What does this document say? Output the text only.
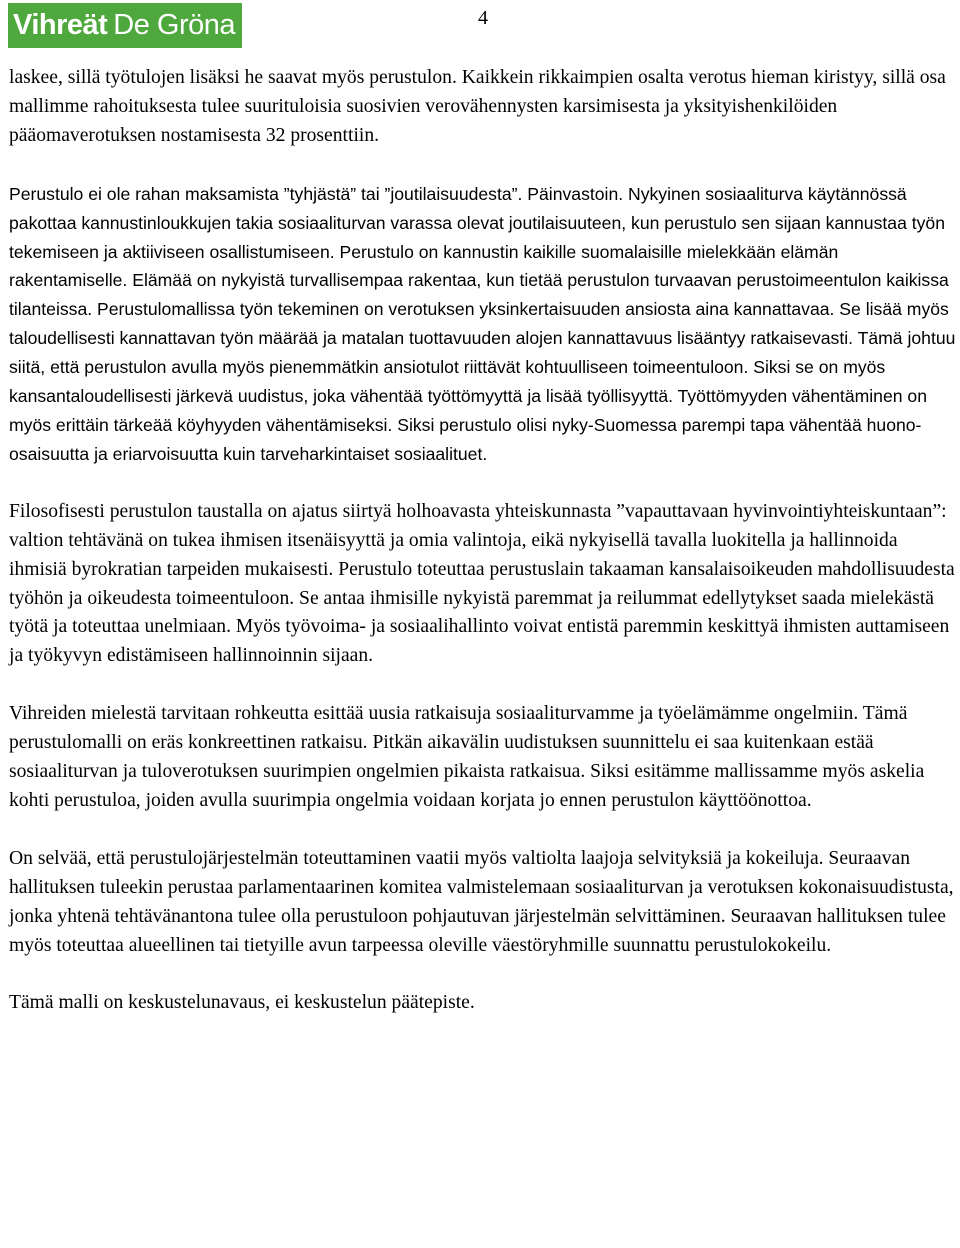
Vihreät De Gröna	4

laskee, sillä työtulojen lisäksi he saavat myös perustulon. Kaikkein rikkaimpien osalta verotus hieman kiristyy, sillä osa mallimme rahoituksesta tulee suurituloisia suosivien verovähennysten karsimisesta ja yksityishenkilöiden pääomaverotuksen nostamisesta 32 prosenttiin.

Perustulo ei ole rahan maksamista ”tyhjästä” tai ”joutilaisuudesta”. Päinvastoin. Nykyinen sosiaaliturva käytännössä pakottaa kannustinloukkujen takia sosiaaliturvan varassa olevat joutilaisuuteen, kun perustulo sen sijaan kannustaa työn tekemiseen ja aktiiviseen osallistumiseen. Perustulo on kannustin kaikille suomalaisille mielekkään elämän rakentamiselle. Elämää on nykyistä turvallisempaa rakentaa, kun tietää perustulon turvaavan perustoimeentulon kaikissa tilanteissa. Perustulomallissa työn tekeminen on verotuksen yksinkertaisuuden ansiosta aina kannattavaa. Se lisää myös taloudellisesti kannattavan työn määrää ja matalan tuottavuuden alojen kannattavuus lisääntyy ratkaisevasti. Tämä johtuu siitä, että perustulon avulla myös pienemmätkin ansiotulot riittävät kohtuulliseen toimeentuloon. Siksi se on myös kansantaloudellisesti järkevä uudistus, joka vähentää työttömyyttä ja lisää työllisyyttä. Työttömyyden vähentäminen on myös erittäin tärkeää köyhyyden vähentämiseksi. Siksi perustulo olisi nyky-Suomessa parempi tapa vähentää huono-osaisuutta ja eriarvoisuutta kuin tarveharkintaiset sosiaalituet.

Filosofisesti perustulon taustalla on ajatus siirtyä holhoavasta yhteiskunnasta ”vapauttavaan hyvinvointiyhteiskuntaan”: valtion tehtävänä on tukea ihmisen itsenäisyyttä ja omia valintoja, eikä nykyisellä tavalla luokitella ja hallinnoida ihmisiä byrokratian tarpeiden mukaisesti. Perustulo toteuttaa perustuslain takaaman kansalaisoikeuden mahdollisuudesta työhön ja oikeudesta toimeentuloon. Se antaa ihmisille nykyistä paremmat ja reilummat edellytykset saada mielekästä työtä ja toteuttaa unelmiaan. Myös työvoima- ja sosiaalihallinto voivat entistä paremmin keskittyä ihmisten auttamiseen ja työkyvyn edistämiseen hallinnoinnin sijaan.

Vihreiden mielestä tarvitaan rohkeutta esittää uusia ratkaisuja sosiaaliturvamme ja työelämämme ongelmiin. Tämä perustulomalli on eräs konkreettinen ratkaisu. Pitkän aikavälin uudistuksen suunnittelu ei saa kuitenkaan estää sosiaaliturvan ja tuloverotuksen suurimpien ongelmien pikaista ratkaisua. Siksi esitämme mallissamme myös askelia kohti perustuloa, joiden avulla suurimpia ongelmia voidaan korjata jo ennen perustulon käyttöönottoa.

On selvää, että perustulojärjestelmän toteuttaminen vaatii myös valtiolta laajoja selvityksiä ja kokeiluja. Seuraavan hallituksen tuleekin perustaa parlamentaarinen komitea valmistelemaan sosiaaliturvan ja verotuksen kokonaisuudistusta, jonka yhtenä tehtävänantona tulee olla perustuloon pohjautuvan järjestelmän selvittäminen. Seuraavan hallituksen tulee myös toteuttaa alueellinen tai tietyille avun tarpeessa oleville väestöryhmille suunnattu perustulokokeilu.

Tämä malli on keskustelunavaus, ei keskustelun päätepiste.
